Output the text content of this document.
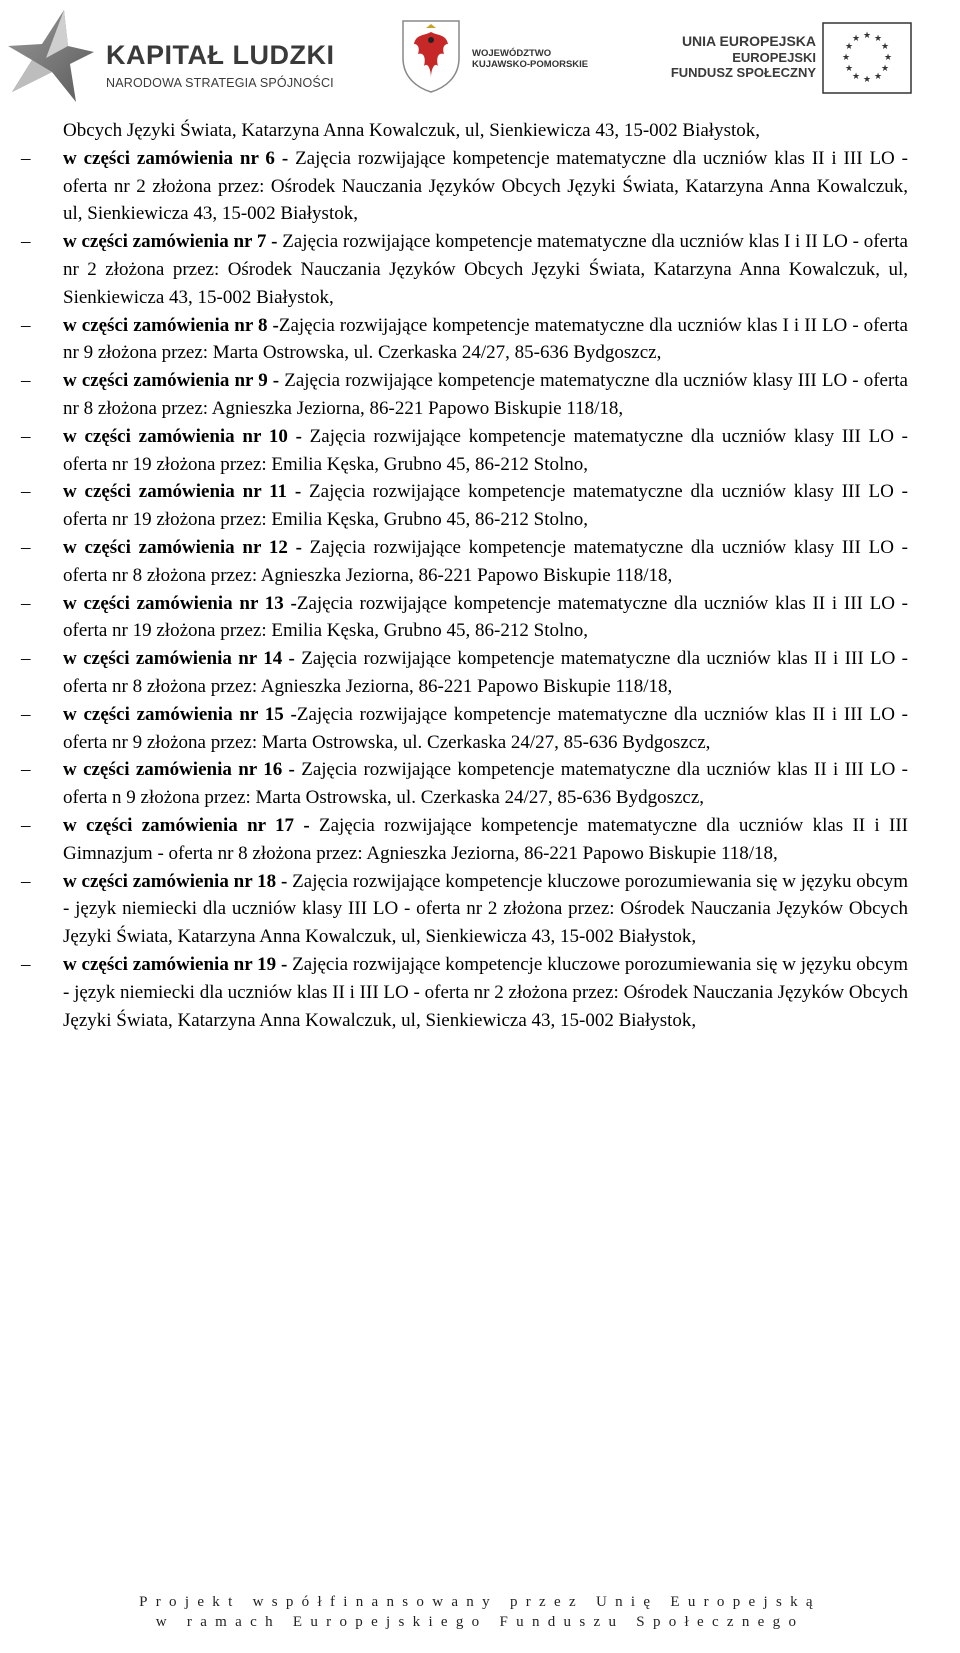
KAPITAŁ LUDZKI
NARODOWA STRATEGIA SPÓJNOŚCI
WOJEWÓDZTWO
KUJAWSKO-POMORSKIE
UNIA EUROPEJSKA
EUROPEJSKI
FUNDUSZ SPOŁECZNY
★ ★
★
★
★
★
★
★
★
★
★
★
Obcych Języki Świata, Katarzyna Anna Kowalczuk, ul, Sienkiewicza 43, 15-002 Białystok,
– w części zamówienia nr 6 - Zajęcia rozwijające kompetencje matematyczne dla uczniów klas II i III LO - oferta nr 2 złożona przez: Ośrodek Nauczania Języków Obcych Języki Świata, Katarzyna Anna Kowalczuk, ul, Sienkiewicza 43, 15-002 Białystok,
– w części zamówienia nr 7 - Zajęcia rozwijające kompetencje matematyczne dla uczniów klas I i II LO - oferta nr 2 złożona przez: Ośrodek Nauczania Języków Obcych Języki Świata, Katarzyna Anna Kowalczuk, ul, Sienkiewicza 43, 15-002 Białystok,
– w części zamówienia nr 8 -Zajęcia rozwijające kompetencje matematyczne dla uczniów klas I i II LO - oferta nr 9 złożona przez: Marta Ostrowska, ul. Czerkaska 24/27, 85-636 Bydgoszcz,
– w części zamówienia nr 9 - Zajęcia rozwijające kompetencje matematyczne dla uczniów klasy III LO - oferta nr 8 złożona przez: Agnieszka Jeziorna, 86-221 Papowo Biskupie 118/18,
– w części zamówienia nr 10 - Zajęcia rozwijające kompetencje matematyczne dla uczniów klasy III LO - oferta nr 19 złożona przez: Emilia Kęska, Grubno 45, 86-212 Stolno,
– w części zamówienia nr 11 - Zajęcia rozwijające kompetencje matematyczne dla uczniów klasy III LO - oferta nr 19 złożona przez: Emilia Kęska, Grubno 45, 86-212 Stolno,
– w części zamówienia nr 12 - Zajęcia rozwijające kompetencje matematyczne dla uczniów klasy III LO - oferta nr 8 złożona przez: Agnieszka Jeziorna, 86-221 Papowo Biskupie 118/18,
– w części zamówienia nr 13 -Zajęcia rozwijające kompetencje matematyczne dla uczniów klas II i III LO - oferta nr 19 złożona przez: Emilia Kęska, Grubno 45, 86-212 Stolno,
– w części zamówienia nr 14 - Zajęcia rozwijające kompetencje matematyczne dla uczniów klas II i III LO - oferta nr 8 złożona przez: Agnieszka Jeziorna, 86-221 Papowo Biskupie 118/18,
– w części zamówienia nr 15 -Zajęcia rozwijające kompetencje matematyczne dla uczniów klas II i III LO - oferta nr 9 złożona przez: Marta Ostrowska, ul. Czerkaska 24/27, 85-636 Bydgoszcz,
– w części zamówienia nr 16 - Zajęcia rozwijające kompetencje matematyczne dla uczniów klas II i III LO - oferta n 9 złożona przez: Marta Ostrowska, ul. Czerkaska 24/27, 85-636 Bydgoszcz,
– w części zamówienia nr 17 - Zajęcia rozwijające kompetencje matematyczne dla uczniów klas II i III Gimnazjum - oferta nr 8 złożona przez: Agnieszka Jeziorna, 86-221 Papowo Biskupie 118/18,
– w części zamówienia nr 18 - Zajęcia rozwijające kompetencje kluczowe porozumiewania się w języku obcym - język niemiecki dla uczniów klasy III LO - oferta nr 2 złożona przez: Ośrodek Nauczania Języków Obcych Języki Świata, Katarzyna Anna Kowalczuk, ul, Sienkiewicza 43, 15-002 Białystok,
– w części zamówienia nr 19 - Zajęcia rozwijające kompetencje kluczowe porozumiewania się w języku obcym - język niemiecki dla uczniów klas II i III LO - oferta nr 2 złożona przez: Ośrodek Nauczania Języków Obcych Języki Świata, Katarzyna Anna Kowalczuk, ul, Sienkiewicza 43, 15-002 Białystok,
Projekt współfinansowany przez Unię Europejską
w ramach Europejskiego Funduszu Społecznego
